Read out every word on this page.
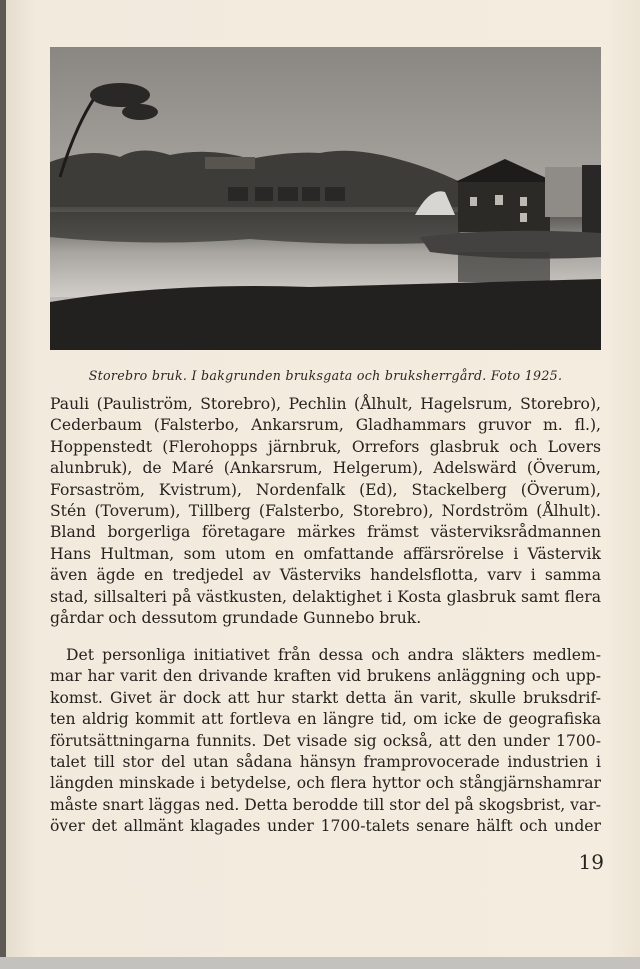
Storebro bruk. I bakgrunden bruksgata och bruksherrgård. Foto 1925.
Pauli (Pauliström, Storebro), Pechlin (Ålhult, Hagelsrum, Storebro),
Cederbaum (Falsterbo, Ankarsrum, Gladhammars gruvor m. fl.),
Hoppenstedt (Flerohopps järnbruk, Orrefors glasbruk och Lovers
alunbruk), de Maré (Ankarsrum, Helgerum), Adelswärd (Överum,
Forsaström, Kvistrum), Nordenfalk (Ed), Stackelberg (Överum),
Stén (Toverum), Tillberg (Falsterbo, Storebro), Nordström (Ålhult).
Bland borgerliga företagare märkes främst västerviksrådmannen
Hans Hultman, som utom en omfattande affärsrörelse i Västervik
även ägde en tredjedel av Västerviks handelsflotta, varv i samma
stad, sillsalteri på västkusten, delaktighet i Kosta glasbruk samt flera
gårdar och dessutom grundade Gunnebo bruk.
Det personliga initiativet från dessa och andra släkters medlem-
mar har varit den drivande kraften vid brukens anläggning och upp-
komst. Givet är dock att hur starkt detta än varit, skulle bruksdrif-
ten aldrig kommit att fortleva en längre tid, om icke de geografiska
förutsättningarna funnits. Det visade sig också, att den under 1700-
talet till stor del utan sådana hänsyn framprovocerade industrien i
längden minskade i betydelse, och flera hyttor och stångjärnshamrar
måste snart läggas ned. Detta berodde till stor del på skogsbrist, var-
över det allmänt klagades under 1700-talets senare hälft och under
19
